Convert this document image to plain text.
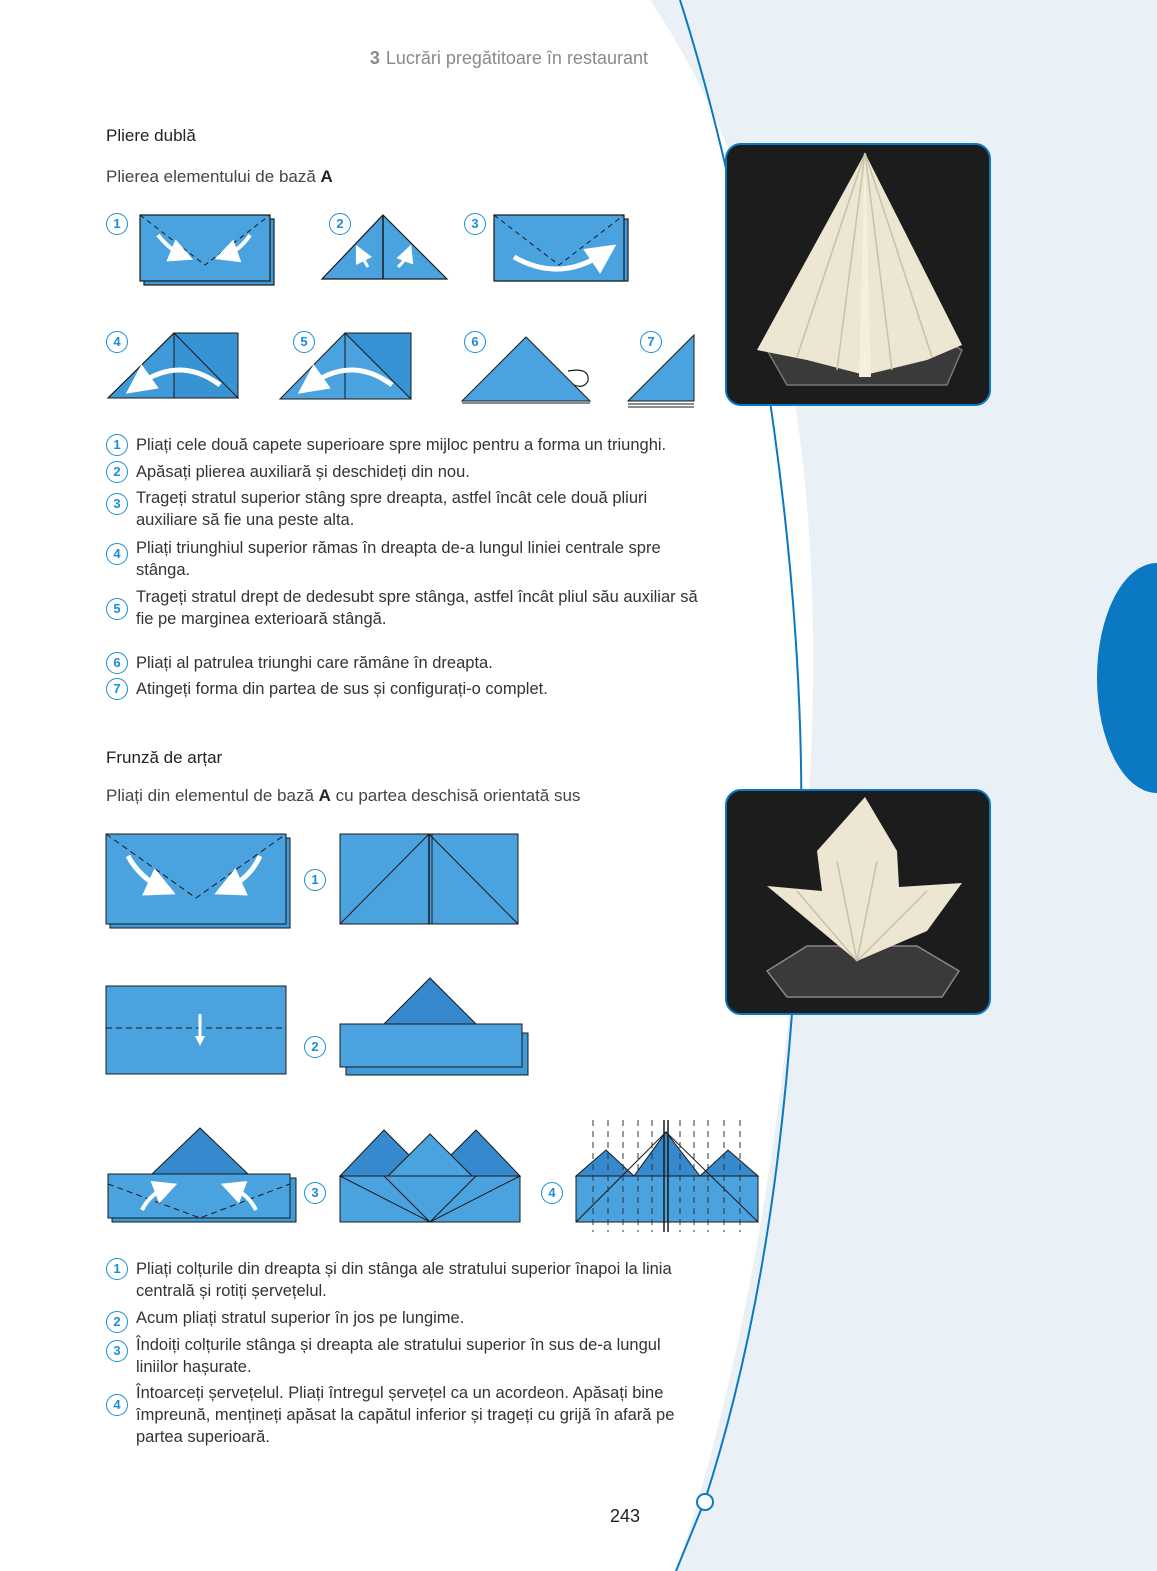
3 Lucrări pregătitoare în restaurant
Pliere dublă
Plierea elementului de bază A
1	2	3
4	5	6	7
1 Pliați cele două capete superioare spre mijloc pentru a forma un triunghi.
2 Apăsați plierea auxiliară și deschideți din nou.
3 Trageți stratul superior stâng spre dreapta, astfel încât cele două pliuri auxiliare să fie una peste alta.
4 Pliați triunghiul superior rămas în dreapta de-a lungul liniei centrale spre stânga.
5
Trageți stratul drept de dedesubt spre stânga, astfel încât pliul său auxiliar să fie pe marginea exterioară stângă.
6 Pliați al patrulea triunghi care rămâne în dreapta.
7 Atingeți forma din partea de sus și configurați-o complet.
Frunză de arțar
Pliați din elementul de bază A cu partea deschisă orientată sus
1
2
3	4
1 Pliați colțurile din dreapta și din stânga ale stratului superior înapoi la linia centrală și rotiți șervețelul.
2 Acum pliați stratul superior în jos pe lungime.
3 Îndoiți colțurile stânga și dreapta ale stratului superior în sus de-a lungul liniilor hașurate.
4
Întoarceți șervețelul. Pliați întregul șervețel ca un acordeon. Apăsați bine împreună, mențineți apăsat la capătul inferior și trageți cu grijă în afară pe partea superioară.
243
